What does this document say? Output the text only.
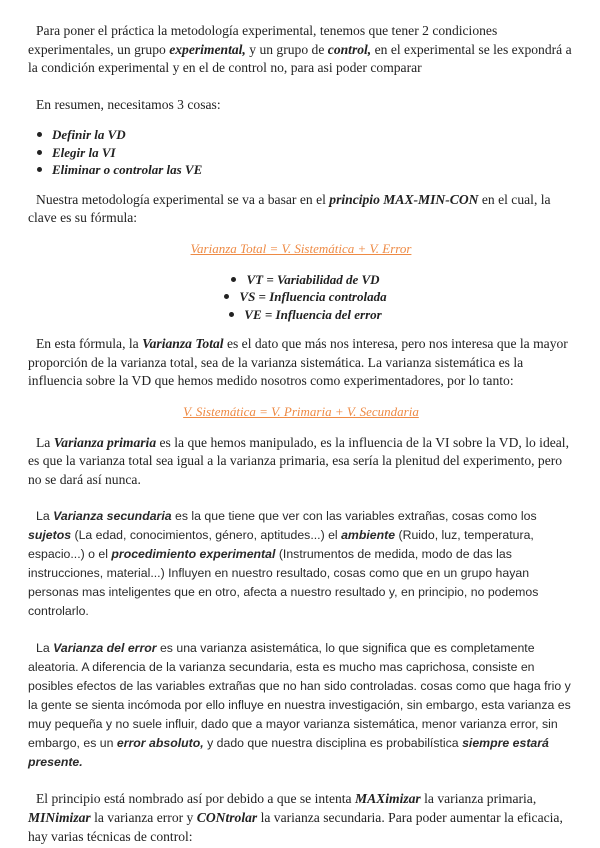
Para poner el práctica la metodología experimental, tenemos que tener 2 condiciones experimentales, un grupo experimental, y un grupo de control, en el experimental se les expondrá a la condición experimental y en el de control no, para asi poder comparar

En resumen, necesitamos 3 cosas:

Definir la VD
Elegir la VI
Eliminar o controlar las VE

Nuestra metodología experimental se va a basar en el principio MAX-MIN-CON en el cual, la clave es su fórmula:

Varianza Total = V. Sistemática + V. Error

VT = Variabilidad de VD
VS = Influencia controlada
VE = Influencia del error

En esta fórmula, la Varianza Total es el dato que más nos interesa, pero nos interesa que la mayor proporción de la varianza total, sea de la varianza sistemática. La varianza sistemática es la influencia sobre la VD que hemos medido nosotros como experimentadores, por lo tanto:

V. Sistemática = V. Primaria + V. Secundaria

La Varianza primaria es la que hemos manipulado, es la influencia de la VI sobre la VD, lo ideal, es que la varianza total sea igual a la varianza primaria, esa sería la plenitud del experimento, pero no se dará así nunca.

La Varianza secundaria es la que tiene que ver con las variables extrañas, cosas como los sujetos (La edad, conocimientos, género, aptitudes...) el ambiente (Ruido, luz, temperatura, espacio...) o el procedimiento experimental (Instrumentos de medida, modo de das las instrucciones, material...) Influyen en nuestro resultado, cosas como que en un grupo hayan personas mas inteligentes que en otro, afecta a nuestro resultado y, en principio, no podemos controlarlo.

La Varianza del error es una varianza asistemática, lo que significa que es completamente aleatoria. A diferencia de la varianza secundaria, esta es mucho mas caprichosa, consiste en posibles efectos de las variables extrañas que no han sido controladas. cosas como que haga frio y la gente se sienta incómoda por ello influye en nuestra investigación, sin embargo, esta varianza es muy pequeña y no suele influir, dado que a mayor varianza sistemática, menor varianza error, sin embargo, es un error absoluto, y dado que nuestra disciplina es probabilística siempre estará presente.

El principio está nombrado así por debido a que se intenta MAXimizar la varianza primaria, MINimizar la varianza error y CONtrolar la varianza secundaria. Para poder aumentar la eficacia, hay varias técnicas de control:
